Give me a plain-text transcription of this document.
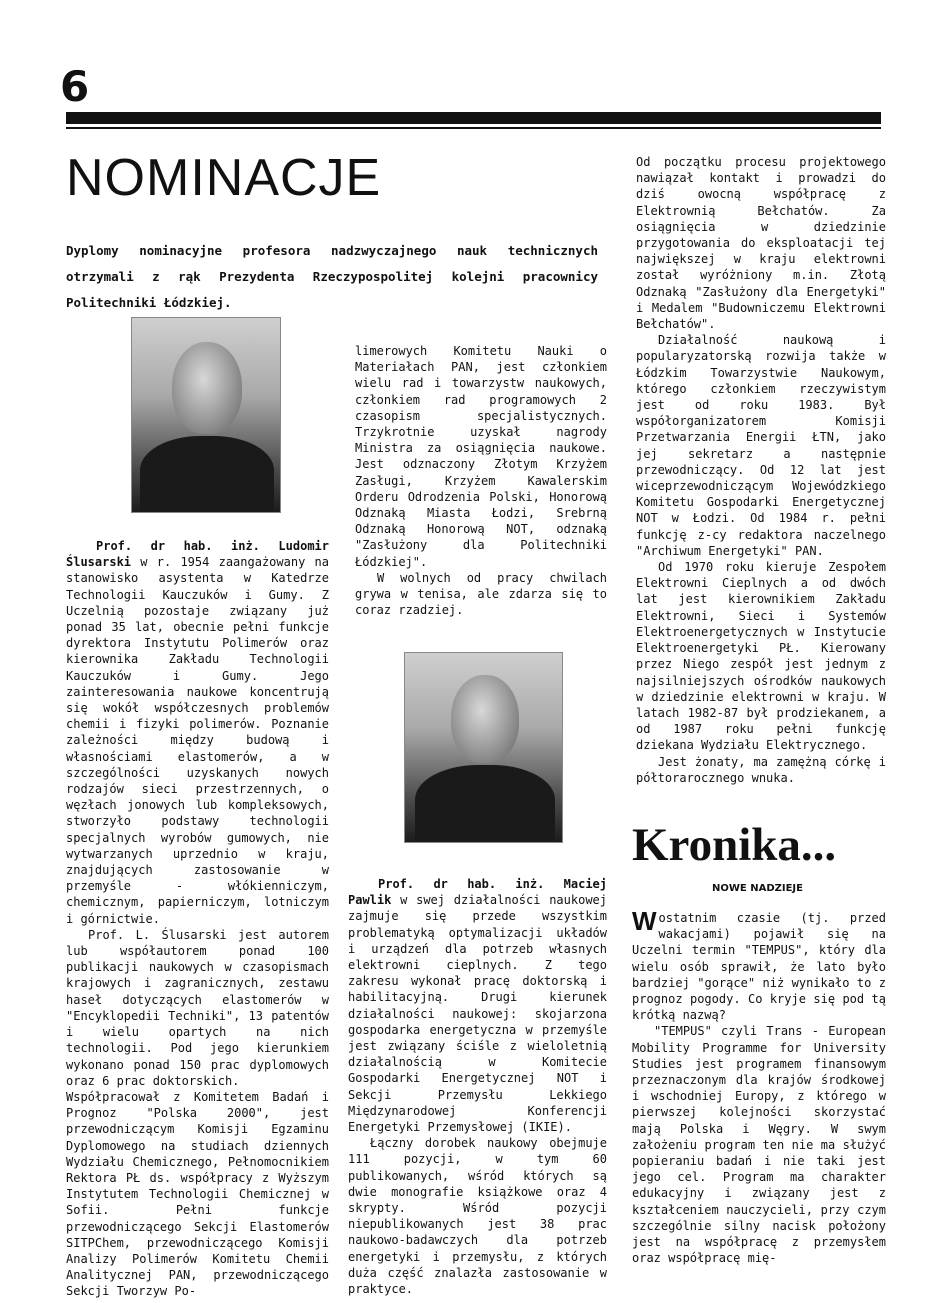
6
NOMINACJE
Dyplomy nominacyjne profesora nadzwyczajnego nauk technicznych otrzymali z rąk Prezydenta Rzeczypospolitej kolejni pracownicy Politechniki Łódzkiej.

Prof. dr hab. inż. Ludomir Ślusarski w r. 1954 zaangażowany na stanowisko asystenta w Katedrze Technologii Kauczuków i Gumy. Z Uczelnią pozostaje związany już ponad 35 lat, obecnie pełni funkcje dyrektora Instytutu Polimerów oraz kierownika Zakładu Technologii Kauczuków i Gumy. Jego zainteresowania naukowe koncentrują się wokół współczesnych problemów chemii i fizyki polimerów. Poznanie zależności między budową i własnościami elastomerów, a w szczególności uzyskanych nowych rodzajów sieci przestrzennych, o węzłach jonowych lub kompleksowych, stworzyło podstawy technologii specjalnych wyrobów gumowych, nie wytwarzanych uprzednio w kraju, znajdujących zastosowanie w przemyśle - włókienniczym, chemicznym, papierniczym, lotniczym i górnictwie.

Prof. L. Ślusarski jest autorem lub współautorem ponad 100 publikacji naukowych w czasopismach krajowych i zagranicznych, zestawu haseł dotyczących elastomerów w "Encyklopedii Techniki", 13 patentów i wielu opartych na nich technologii. Pod jego kierunkiem wykonano ponad 150 prac dyplomowych oraz 6 prac doktorskich.

Współpracował z Komitetem Badań i Prognoz "Polska 2000", jest przewodniczącym Komisji Egzaminu Dyplomowego na studiach dziennych Wydziału Chemicznego, Pełnomocnikiem Rektora PŁ ds. współpracy z Wyższym Instytutem Technologii Chemicznej w Sofii. Pełni funkcje przewodniczącego Sekcji Elastomerów SITPChem, przewodniczącego Komisji Analizy Polimerów Komitetu Chemii Analitycznej PAN, przewodniczącego Sekcji Tworzyw Po-

limerowych Komitetu Nauki o Materiałach PAN, jest członkiem wielu rad i towarzystw naukowych, członkiem rad programowych 2 czasopism specjalistycznych. Trzykrotnie uzyskał nagrody Ministra za osiągnięcia naukowe. Jest odznaczony Złotym Krzyżem Zasługi, Krzyżem Kawalerskim Orderu Odrodzenia Polski, Honorową Odznaką Miasta Łodzi, Srebrną Odznaką Honorową NOT, odznaką "Zasłużony dla Politechniki Łódzkiej".

W wolnych od pracy chwilach grywa w tenisa, ale zdarza się to coraz rzadziej.

Prof. dr hab. inż. Maciej Pawlik w swej działalności naukowej zajmuje się przede wszystkim problematyką optymalizacji układów i urządzeń dla potrzeb własnych elektrowni cieplnych. Z tego zakresu wykonał pracę doktorską i habilitacyjną. Drugi kierunek działalności naukowej: skojarzona gospodarka energetyczna w przemyśle jest związany ściśle z wieloletnią działalnością w Komitecie Gospodarki Energetycznej NOT i Sekcji Przemysłu Lekkiego Międzynarodowej Konferencji Energetyki Przemysłowej (IKIE).

Łączny dorobek naukowy obejmuje 111 pozycji, w tym 60 publikowanych, wśród których są dwie monografie książkowe oraz 4 skrypty. Wśród pozycji niepublikowanych jest 38 prac naukowo-badawczych dla potrzeb energetyki i przemysłu, z których duża część znalazła zastosowanie w praktyce.

Od początku procesu projektowego nawiązał kontakt i prowadzi do dziś owocną współpracę z Elektrownią Bełchatów. Za osiągnięcia w dziedzinie przygotowania do eksploatacji tej największej w kraju elektrowni został wyróżniony m.in. Złotą Odznaką "Zasłużony dla Energetyki" i Medalem "Budowniczemu Elektrowni Bełchatów".

Działalność naukową i popularyzatorską rozwija także w Łódzkim Towarzystwie Naukowym, którego członkiem rzeczywistym jest od roku 1983. Był współorganizatorem Komisji Przetwarzania Energii ŁTN, jako jej sekretarz a następnie przewodniczący. Od 12 lat jest wiceprzewodniczącym Wojewódzkiego Komitetu Gospodarki Energetycznej NOT w Łodzi. Od 1984 r. pełni funkcję z-cy redaktora naczelnego "Archiwum Energetyki" PAN.

Od 1970 roku kieruje Zespołem Elektrowni Cieplnych a od dwóch lat jest kierownikiem Zakładu Elektrowni, Sieci i Systemów Elektroenergetycznych w Instytucie Elektroenergetyki PŁ. Kierowany przez Niego zespół jest jednym z najsilniejszych ośrodków naukowych w dziedzinie elektrowni w kraju. W latach 1982-87 był prodziekanem, a od 1987 roku pełni funkcję dziekana Wydziału Elektrycznego.

Jest żonaty, ma zamężną córkę i półtorarocznego wnuka.

Kronika...
NOWE NADZIEJE

W ostatnim czasie (tj. przed wakacjami) pojawił się na Uczelni termin "TEMPUS", który dla wielu osób sprawił, że lato było bardziej "gorące" niż wynikało to z prognoz pogody. Co kryje się pod tą krótką nazwą?

"TEMPUS" czyli Trans - European Mobility Programme for University Studies jest programem finansowym przeznaczonym dla krajów środkowej i wschodniej Europy, z którego w pierwszej kolejności skorzystać mają Polska i Węgry. W swym założeniu program ten nie ma służyć popieraniu badań i nie taki jest jego cel. Program ma charakter edukacyjny i związany jest z kształceniem nauczycieli, przy czym szczególnie silny nacisk położony jest na współpracę z przemysłem oraz współpracę mię-
